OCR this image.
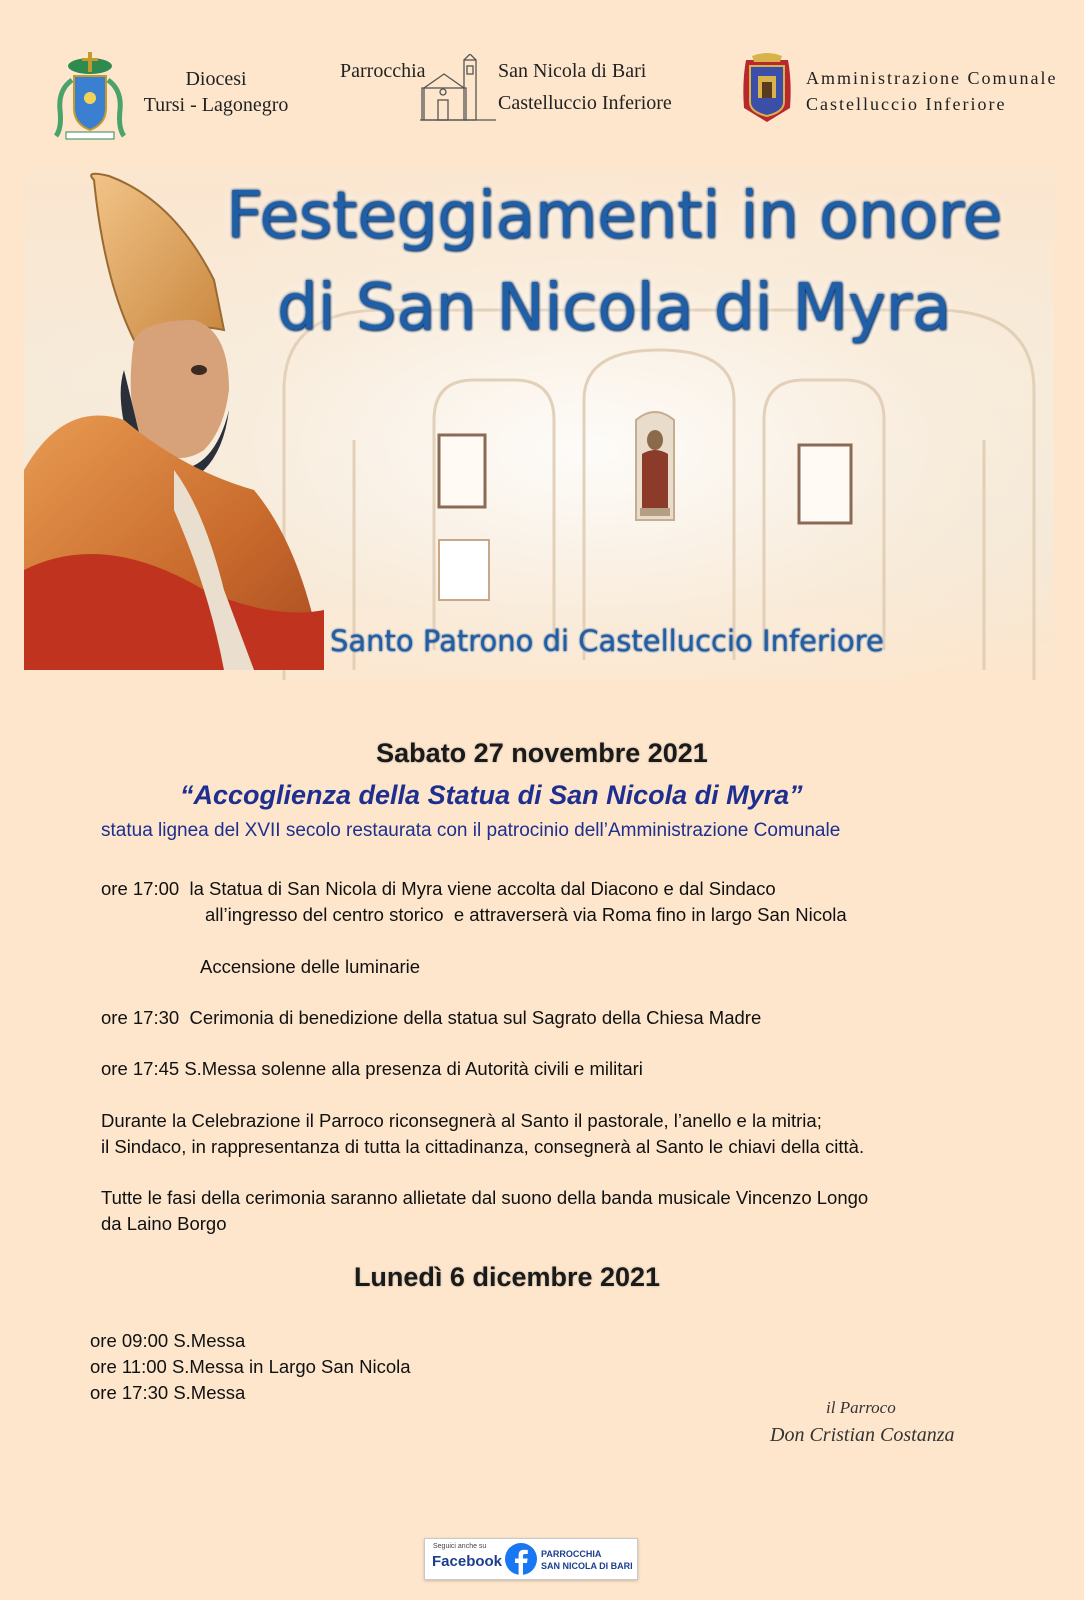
Diocesi
Tursi - Lagonegro
Parrocchia	San Nicola di Bari
Castelluccio Inferiore
Amministrazione Comunale
Castelluccio Inferiore
Festeggiamenti in onore
di San Nicola di Myra
Santo Patrono di Castelluccio Inferiore
Sabato 27 novembre 2021
“Accoglienza della Statua di San Nicola di Myra”
statua lignea del XVII secolo restaurata con il patrocinio dell’Amministrazione Comunale
ore 17:00  la Statua di San Nicola di Myra viene accolta dal Diacono e dal Sindaco
all’ingresso del centro storico  e attraverserà via Roma fino in largo San Nicola
Accensione delle luminarie
ore 17:30  Cerimonia di benedizione della statua sul Sagrato della Chiesa Madre
ore 17:45 S.Messa solenne alla presenza di Autorità civili e militari
Durante la Celebrazione il Parroco riconsegnerà al Santo il pastorale, l’anello e la mitria;
il Sindaco, in rappresentanza di tutta la cittadinanza, consegnerà al Santo le chiavi della città.
Tutte le fasi della cerimonia saranno allietate dal suono della banda musicale Vincenzo Longo
da Laino Borgo
Lunedì 6 dicembre 2021
ore 09:00 S.Messa
ore 11:00 S.Messa in Largo San Nicola
ore 17:30 S.Messa
il Parroco
Don Cristian Costanza
Seguici anche su
Facebook	PARROCCHIA
SAN NICOLA DI BARI
